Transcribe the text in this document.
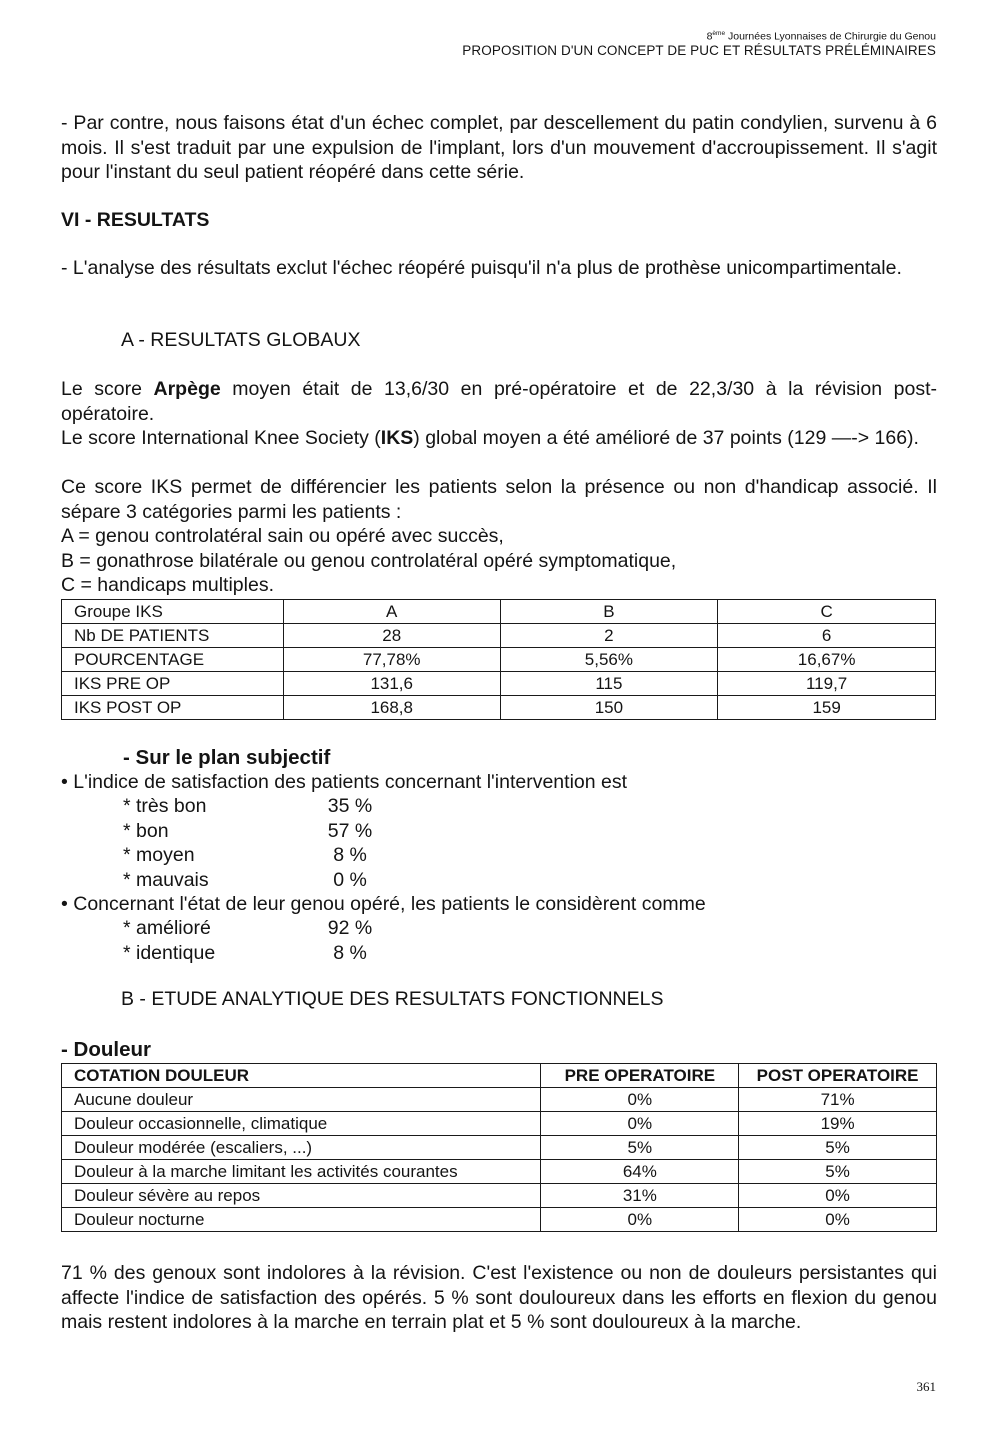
8ème Journées Lyonnaises de Chirurgie du Genou
PROPOSITION D'UN CONCEPT DE PUC ET RÉSULTATS PRÉLÉMINAIRES
- Par contre, nous faisons état d'un échec complet, par descellement du patin condylien, survenu à 6 mois. Il s'est traduit par une expulsion de l'implant, lors d'un mouvement d'accroupissement. Il s'agit pour l'instant du seul patient réopéré dans cette série.
VI - RESULTATS
- L'analyse des résultats exclut l'échec réopéré puisqu'il n'a plus de prothèse unicompartimentale.
A - RESULTATS GLOBAUX
Le score Arpège moyen était de 13,6/30 en pré-opératoire et de 22,3/30 à la révision post-opératoire.
Le score International Knee Society (IKS) global moyen a été amélioré de 37 points (129 —-> 166).
Ce score IKS permet de différencier les patients selon la présence ou non d'handicap associé. Il sépare 3 catégories parmi les patients :
A = genou controlatéral sain ou opéré avec succès,
B = gonathrose bilatérale ou genou controlatéral opéré symptomatique,
C = handicaps multiples.
Groupe IKS	A	B	C
Nb DE PATIENTS	28	2	6
POURCENTAGE	77,78%	5,56%	16,67%
IKS PRE OP	131,6	115	119,7
IKS POST OP	168,8	150	159
- Sur le plan subjectif
• L'indice de satisfaction des patients concernant l'intervention est
* très bon	35 %
* bon	57 %
* moyen	8 %
* mauvais	0 %
• Concernant l'état de leur genou opéré, les patients le considèrent comme
* amélioré	92 %
* identique	8 %
B - ETUDE ANALYTIQUE DES RESULTATS FONCTIONNELS
- Douleur
COTATION DOULEUR	PRE OPERATOIRE	POST OPERATOIRE
Aucune douleur	0%	71%
Douleur occasionnelle, climatique	0%	19%
Douleur modérée (escaliers, ...)	5%	5%
Douleur à la marche limitant les activités courantes	64%	5%
Douleur sévère au repos	31%	0%
Douleur nocturne	0%	0%
71 % des genoux sont indolores à la révision. C'est l'existence ou non de douleurs persistantes qui affecte l'indice de satisfaction des opérés. 5 % sont douloureux dans les efforts en flexion du genou mais restent indolores à la marche en terrain plat et 5 % sont douloureux à la marche.
361
